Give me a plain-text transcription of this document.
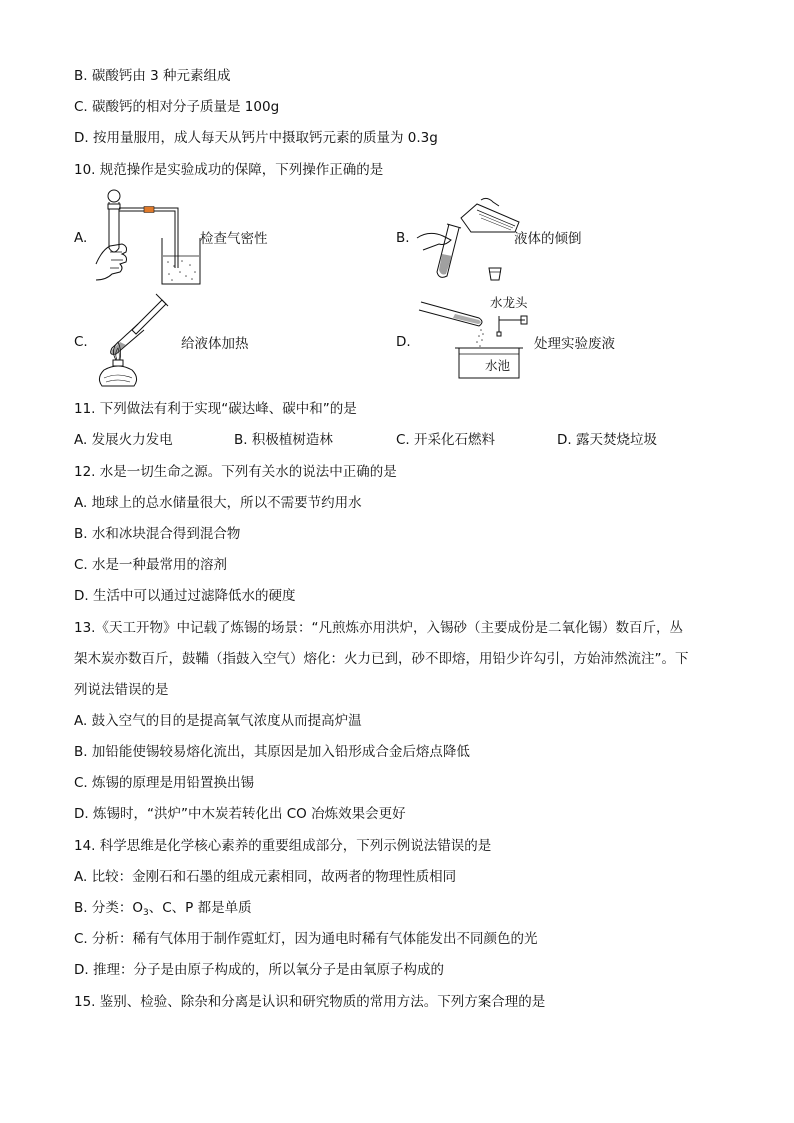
B. 碳酸钙由 3 种元素组成
C. 碳酸钙的相对分子质量是 100g
D. 按用量服用，成人每天从钙片中摄取钙元素的质量为 0.3g
10. 规范操作是实验成功的保障，下列操作正确的是
A.	检查气密性	B.	液体的倾倒
C.	给液体加热	D.
水龙头
水池
处理实验废液
11. 下列做法有利于实现“碳达峰、碳中和”的是
A. 发展火力发电	B. 积极植树造林	C. 开采化石燃料	D. 露天焚烧垃圾
12. 水是一切生命之源。下列有关水的说法中正确的是
A. 地球上的总水储量很大，所以不需要节约用水
B. 水和冰块混合得到混合物
C. 水是一种最常用的溶剂
D. 生活中可以通过过滤降低水的硬度
13.《天工开物》中记载了炼锡的场景：“凡煎炼亦用洪炉，入锡砂（主要成份是二氧化锡）数百斤，丛
架木炭亦数百斤，鼓鞴（指鼓入空气）熔化：火力已到，砂不即熔，用铅少许勾引，方始沛然流注”。下
列说法错误的是
A. 鼓入空气的目的是提高氧气浓度从而提高炉温
B. 加铅能使锡较易熔化流出，其原因是加入铅形成合金后熔点降低
C. 炼锡的原理是用铅置换出锡
D. 炼锡时，“洪炉”中木炭若转化出 CO 冶炼效果会更好
14. 科学思维是化学核心素养的重要组成部分，下列示例说法错误的是
A. 比较：金刚石和石墨的组成元素相同，故两者的物理性质相同
B. 分类：$O_3$、C、P 都是单质
C. 分析：稀有气体用于制作霓虹灯，因为通电时稀有气体能发出不同颜色的光
D. 推理：分子是由原子构成的，所以氧分子是由氧原子构成的
15. 鉴别、检验、除杂和分离是认识和研究物质的常用方法。下列方案合理的是
